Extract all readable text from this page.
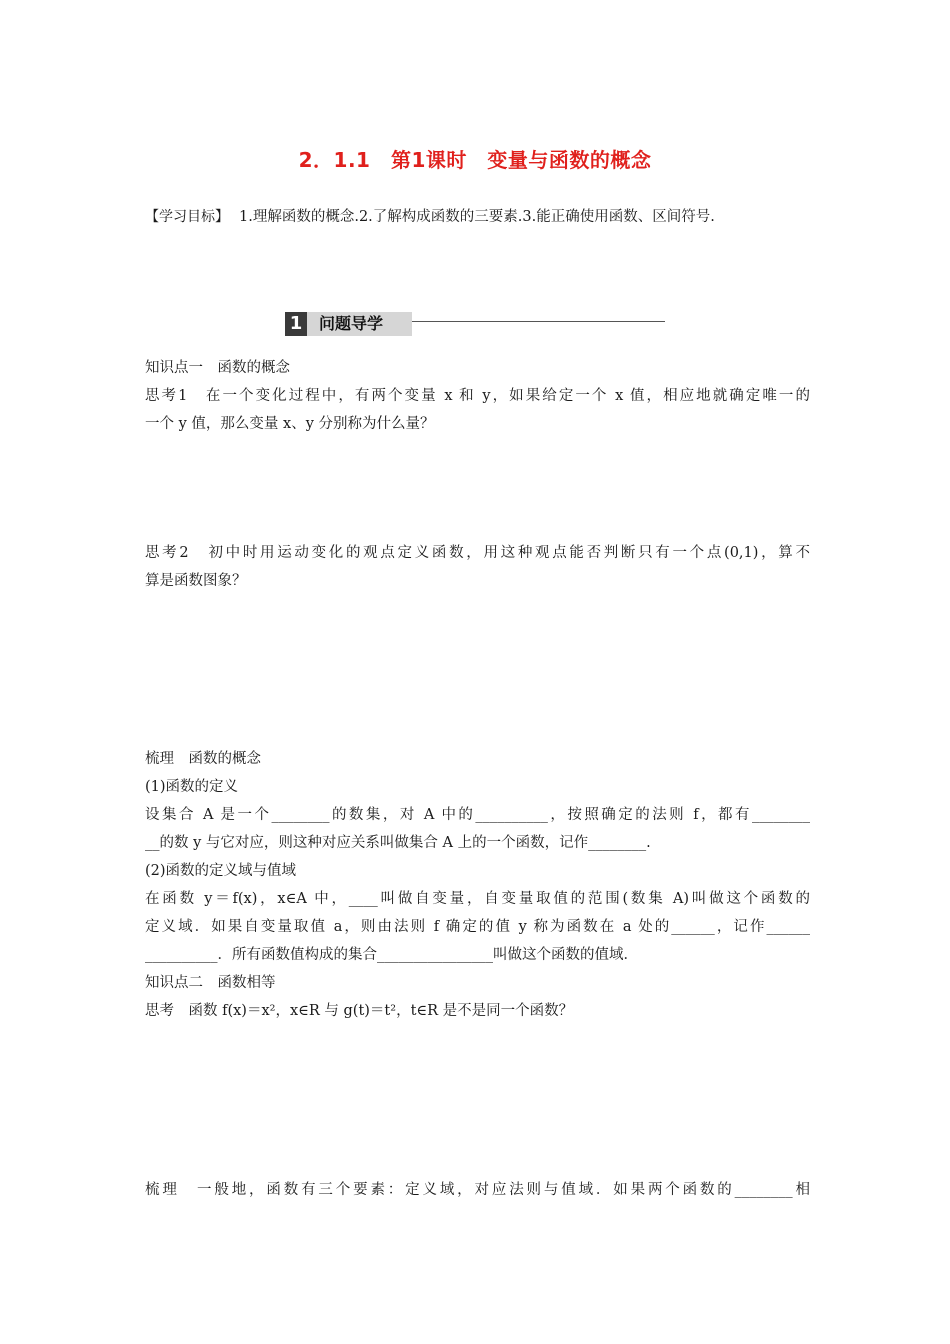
2．1.1　第1课时　变量与函数的概念
【学习目标】 1.理解函数的概念.2.了解构成函数的三要素.3.能正确使用函数、区间符号.
1 问题导学
知识点一　函数的概念
思考1　在一个变化过程中，有两个变量 x 和 y，如果给定一个 x 值，相应地就确定唯一的
一个 y 值，那么变量 x、y 分别称为什么量？
思考2　初中时用运动变化的观点定义函数，用这种观点能否判断只有一个点(0,1)，算不
算是函数图象？
梳理　函数的概念
(1)函数的定义
设集合 A 是一个________的数集，对 A 中的__________，按照确定的法则 f，都有________
__的数 y 与它对应，则这种对应关系叫做集合 A 上的一个函数，记作________.
(2)函数的定义域与值域
在函数 y＝f(x)，x∈A 中，____叫做自变量，自变量取值的范围(数集 A)叫做这个函数的
定义域．如果自变量取值 a，则由法则 f 确定的值 y 称为函数在 a 处的______，记作______
__________．所有函数值构成的集合________________叫做这个函数的值域．
知识点二　函数相等
思考　函数 f(x)＝x²，x∈R 与 g(t)＝t²，t∈R 是不是同一个函数？
梳理　一般地，函数有三个要素：定义域，对应法则与值域．如果两个函数的________相
